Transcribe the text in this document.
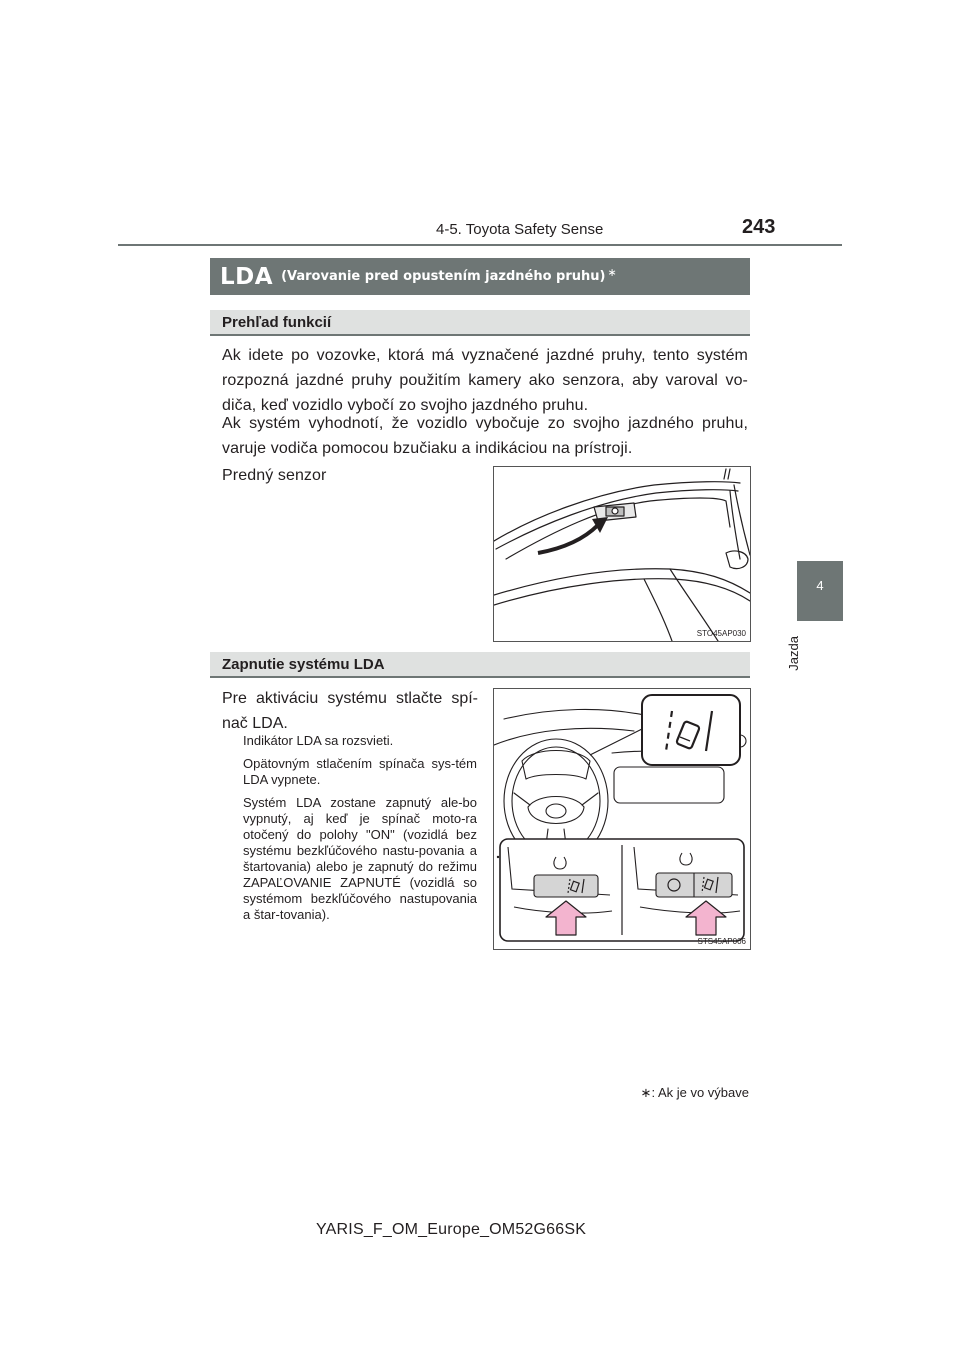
4-5. Toyota Safety Sense	243
4
Jazda
LDA (Varovanie pred opustením jazdného pruhu)∗
Prehľad funkcií
Ak idete po vozovke, ktorá má vyznačené jazdné pruhy, tento systém rozpozná jazdné pruhy použitím kamery ako senzora, aby varoval vo-diča, keď vozidlo vybočí zo svojho jazdného pruhu.
Ak systém vyhodnotí, že vozidlo vybočuje zo svojho jazdného pruhu, varuje vodiča pomocou bzučiaku a indikáciou na prístroji.
Predný senzor
STO45AP030
Zapnutie systému LDA
Pre aktiváciu systému stlačte spí-nač LDA.

Indikátor LDA sa rozsvieti.

Opätovným stlačením spínača sys-tém LDA vypnete.

Systém LDA zostane zapnutý ale-bo vypnutý, aj keď je spínač moto-ra otočený do polohy "ON" (vozidlá bez systému bezkľúčového nastu-povania a štartovania) alebo je zapnutý do režimu ZAPAĽOVANIE ZAPNUTÉ (vozidlá so systémom bezkľúčového nastupovania a štar-tovania).

STS45AP006
∗: Ak je vo výbave
YARIS_F_OM_Europe_OM52G66SK
